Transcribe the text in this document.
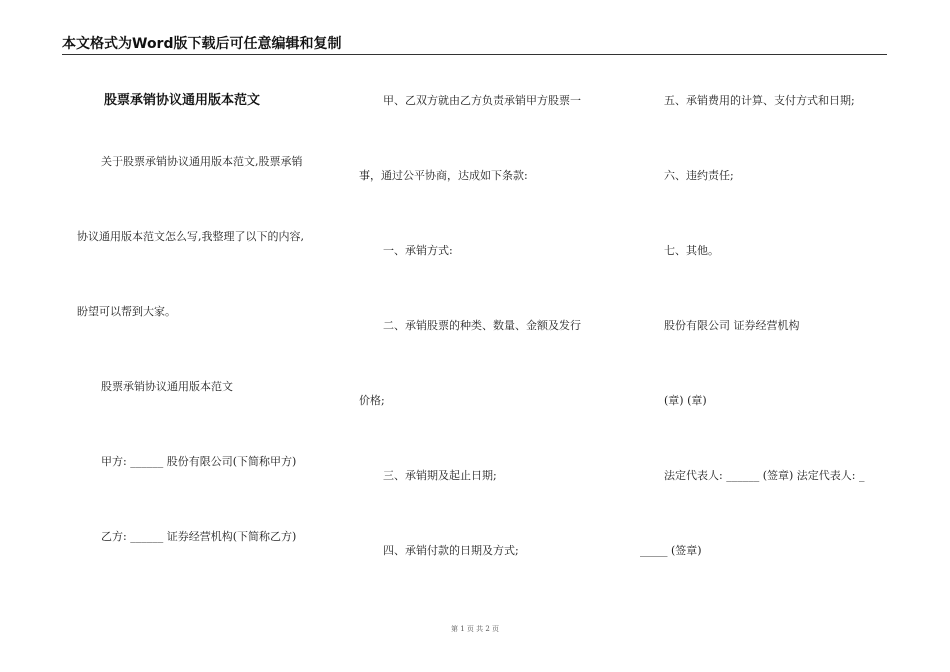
本文格式为Word版下载后可任意编辑和复制
股票承销协议通用版本范文
关于股票承销协议通用版本范文,股票承销
协议通用版本范文怎么写,我整理了以下的内容,
盼望可以帮到大家。
股票承销协议通用版本范文
甲方: ______ 股份有限公司(下简称甲方)
乙方: ______ 证券经营机构(下简称乙方)
甲、乙双方就由乙方负责承销甲方股票一
事，通过公平协商，达成如下条款:
一、承销方式:
二、承销股票的种类、数量、金额及发行
价格;
三、承销期及起止日期;
四、承销付款的日期及方式;
五、承销费用的计算、支付方式和日期;
六、违约责任;
七、其他。
股份有限公司 证券经营机构
(章) (章)
法定代表人: ______ (签章) 法定代表人: _
_____ (签章)
第 1 页 共 2 页
